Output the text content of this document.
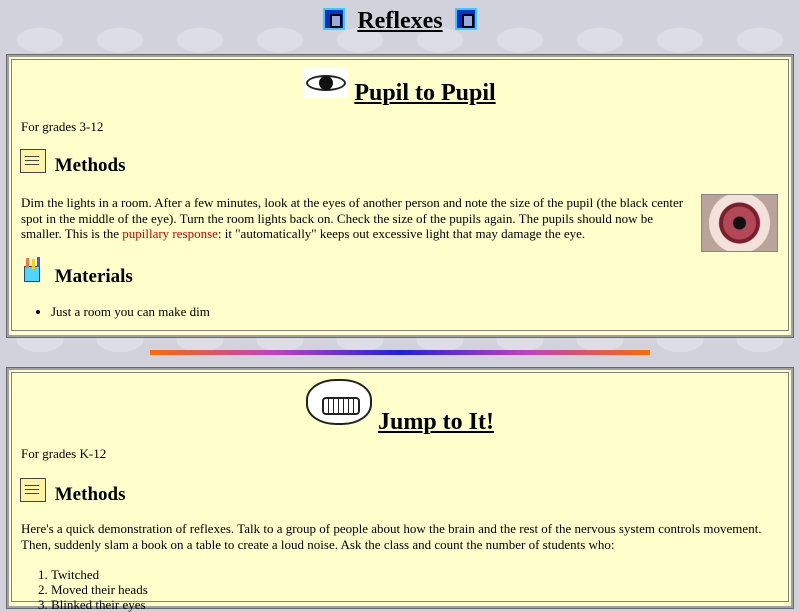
Reflexes
Pupil to Pupil
For grades 3-12
Methods
Dim the lights in a room. After a few minutes, look at the eyes of another person and note the size of the pupil (the black center spot in the middle of the eye). Turn the room lights back on. Check the size of the pupils again. The pupils should now be smaller. This is the pupillary response: it "automatically" keeps out excessive light that may damage the eye.
Materials
• Just a room you can make dim
Jump to It!
For grades K-12
Methods
Here's a quick demonstration of reflexes. Talk to a group of people about how the brain and the rest of the nervous system controls movement. Then, suddenly slam a book on a table to create a loud noise. Ask the class and count the number of students who:
1. Twitched
2. Moved their heads
3. Blinked their eyes
